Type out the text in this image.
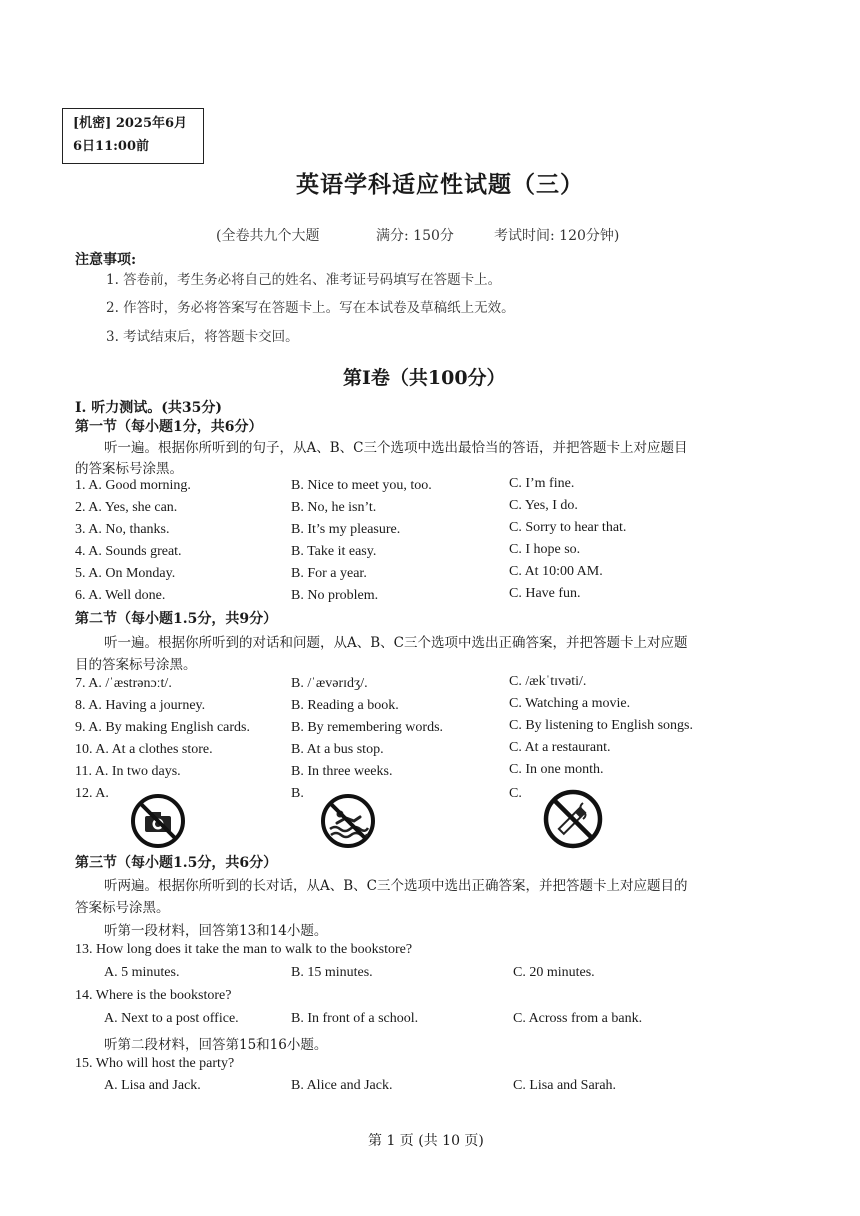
[机密] 2025年6月
6日11:00前
英语学科适应性试题（三）
(全卷共九个大题	满分: 150分	考试时间: 120分钟)
注意事项:
1. 答卷前，考生务必将自己的姓名、准考证号码填写在答题卡上。
2. 作答时，务必将答案写在答题卡上。写在本试卷及草稿纸上无效。
3. 考试结束后，将答题卡交回。
第Ⅰ卷（共100分）
I. 听力测试。(共35分)
第一节（每小题1分，共6分）
听一遍。根据你所听到的句子，从A、B、C三个选项中选出最恰当的答语，并把答题卡上对应题目
的答案标号涂黑。
1. A. Good morning.	B. Nice to meet you, too.	C. I’m fine.
2. A. Yes, she can.	B. No, he isn’t.	C. Yes, I do.
3. A. No, thanks.	B. It’s my pleasure.	C. Sorry to hear that.
4. A. Sounds great.	B. Take it easy.	C. I hope so.
5. A. On Monday.	B. For a year.	C. At 10:00 AM.
6. A. Well done.	B. No problem.	C. Have fun.
第二节（每小题1.5分，共9分）
听一遍。根据你所听到的对话和问题，从A、B、C三个选项中选出正确答案，并把答题卡上对应题
目的答案标号涂黑。
7. A. /ˈæstrənɔːt/.	B. /ˈævərɪdʒ/.	C. /ækˈtɪvəti/.
8. A. Having a journey.	B. Reading a book.	C. Watching a movie.
9. A. By making English cards.	B. By remembering words.	C. By listening to English songs.
10. A. At a clothes store.	B. At a bus stop.	C. At a restaurant.
11. A. In two days.	B. In three weeks.	C. In one month.
12. A.	B.	C.
第三节（每小题1.5分，共6分）
听两遍。根据你所听到的长对话，从A、B、C三个选项中选出正确答案，并把答题卡上对应题目的
答案标号涂黑。
听第一段材料，回答第13和14小题。
13. How long does it take the man to walk to the bookstore?
A. 5 minutes.	B. 15 minutes.	C. 20 minutes.
14. Where is the bookstore?
A. Next to a post office.	B. In front of a school.	C. Across from a bank.
听第二段材料，回答第15和16小题。
15. Who will host the party?
A. Lisa and Jack.	B. Alice and Jack.	C. Lisa and Sarah.
第 1 页 (共 10 页)
